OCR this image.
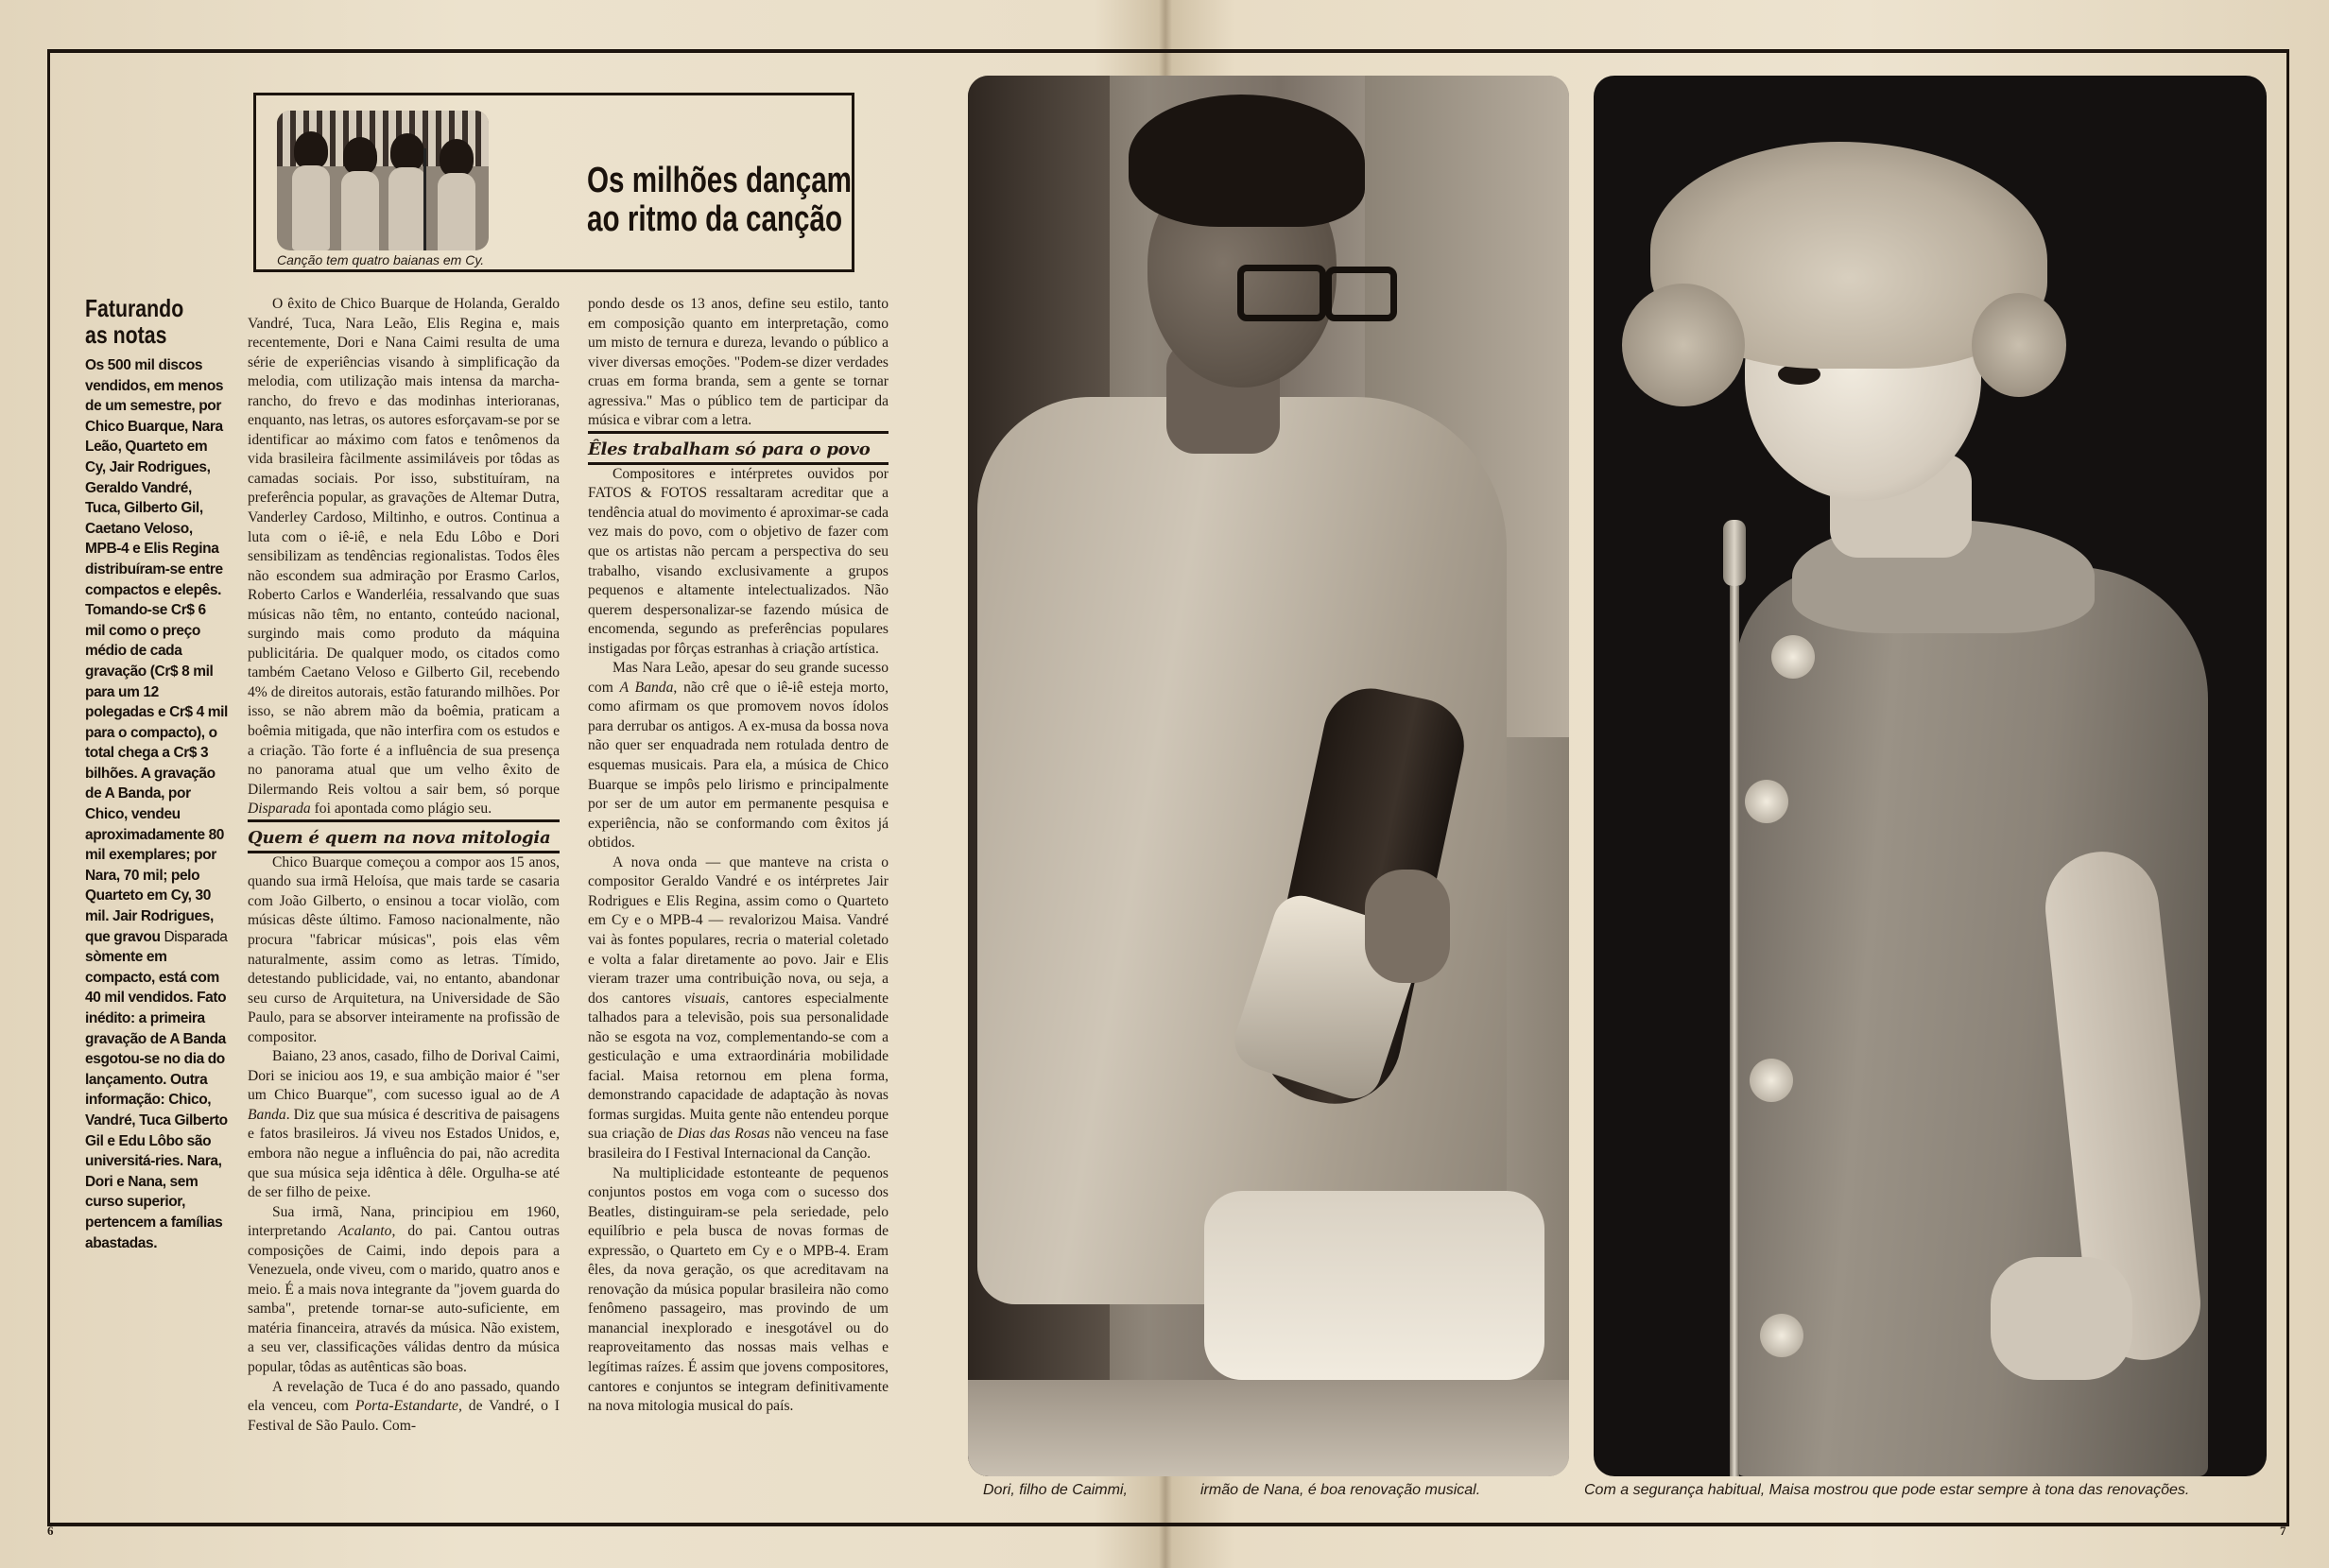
6	7
Canção tem quatro baianas em Cy.
Os milhões dançam
ao ritmo da canção
Faturando
as notas

Os 500 mil discos vendidos, em menos de um semestre, por Chico Buarque, Nara Leão, Quarteto em Cy, Jair Rodrigues, Geraldo Vandré, Tuca, Gilberto Gil, Caetano Veloso, MPB-4 e Elis Regina distribuíram-se entre compactos e elepês. Tomando-se Cr$ 6 mil como o preço médio de cada gravação (Cr$ 8 mil para um 12 polegadas e Cr$ 4 mil para o compacto), o total chega a Cr$ 3 bilhões. A gravação de A Banda, por Chico, vendeu aproximadamente 80 mil exemplares; por Nara, 70 mil; pelo Quarteto em Cy, 30 mil. Jair Rodrigues, que gravou Disparada sòmente em compacto, está com 40 mil vendidos. Fato inédito: a primeira gravação de A Banda esgotou-se no dia do lançamento. Outra informação: Chico, Vandré, Tuca Gilberto Gil e Edu Lôbo são universitá-ries. Nara, Dori e Nana, sem curso superior, pertencem a famílias abastadas.

O êxito de Chico Buarque de Holanda, Geraldo Vandré, Tuca, Nara Leão, Elis Regina e, mais recentemente, Dori e Nana Caimi resulta de uma série de experiências visando à simplificação da melodia, com utilização mais intensa da marcha-rancho, do frevo e das modinhas interioranas, enquanto, nas letras, os autores esforçavam-se por se identificar ao máximo com fatos e tenômenos da vida brasileira fàcilmente assimiláveis por tôdas as camadas sociais. Por isso, substituíram, na preferência popular, as gravações de Altemar Dutra, Vanderley Cardoso, Miltinho, e outros. Continua a luta com o iê-iê, e nela Edu Lôbo e Dori sensibilizam as tendências regionalistas. Todos êles não escondem sua admiração por Erasmo Carlos, Roberto Carlos e Wanderléia, ressalvando que suas músicas não têm, no entanto, conteúdo nacional, surgindo mais como produto da máquina publicitária. De qualquer modo, os citados como também Caetano Veloso e Gilberto Gil, recebendo 4% de direitos autorais, estão faturando milhões. Por isso, se não abrem mão da boêmia, praticam a boêmia mitigada, que não interfira com os estudos e a criação. Tão forte é a influência de sua presença no panorama atual que um velho êxito de Dilermando Reis voltou a sair bem, só porque Disparada foi apontada como plágio seu.

Quem é quem na nova mitologia

Chico Buarque começou a compor aos 15 anos, quando sua irmã Heloísa, que mais tarde se casaria com João Gilberto, o ensinou a tocar violão, com músicas dêste último. Famoso nacionalmente, não procura "fabricar músicas", pois elas vêm naturalmente, assim como as letras. Tímido, detestando publicidade, vai, no entanto, abandonar seu curso de Arquitetura, na Universidade de São Paulo, para se absorver inteiramente na profissão de compositor.

Baiano, 23 anos, casado, filho de Dorival Caimi, Dori se iniciou aos 19, e sua ambição maior é "ser um Chico Buarque", com sucesso igual ao de A Banda. Diz que sua música é descritiva de paisagens e fatos brasileiros. Já viveu nos Estados Unidos, e, embora não negue a influência do pai, não acredita que sua música seja idêntica à dêle. Orgulha-se até de ser filho de peixe.

Sua irmã, Nana, principiou em 1960, interpretando Acalanto, do pai. Cantou outras composições de Caimi, indo depois para a Venezuela, onde viveu, com o marido, quatro anos e meio. É a mais nova integrante da "jovem guarda do samba", pretende tornar-se auto-suficiente, em matéria financeira, através da música. Não existem, a seu ver, classificações válidas dentro da música popular, tôdas as autênticas são boas.

A revelação de Tuca é do ano passado, quando ela venceu, com Porta-Estandarte, de Vandré, o I Festival de São Paulo. Com-

pondo desde os 13 anos, define seu estilo, tanto em composição quanto em interpretação, como um misto de ternura e dureza, levando o público a viver diversas emoções. "Podem-se dizer verdades cruas em forma branda, sem a gente se tornar agressiva." Mas o público tem de participar da música e vibrar com a letra.

Êles trabalham só para o povo

Compositores e intérpretes ouvidos por FATOS & FOTOS ressaltaram acreditar que a tendência atual do movimento é aproximar-se cada vez mais do povo, com o objetivo de fazer com que os artistas não percam a perspectiva do seu trabalho, visando exclusivamente a grupos pequenos e altamente intelectualizados. Não querem despersonalizar-se fazendo música de encomenda, segundo as preferências populares instigadas por fôrças estranhas à criação artística.

Mas Nara Leão, apesar do seu grande sucesso com A Banda, não crê que o iê-iê esteja morto, como afirmam os que promovem novos ídolos para derrubar os antigos. A ex-musa da bossa nova não quer ser enquadrada nem rotulada dentro de esquemas musicais. Para ela, a música de Chico Buarque se impôs pelo lirismo e principalmente por ser de um autor em permanente pesquisa e experiência, não se conformando com êxitos já obtidos.

A nova onda — que manteve na crista o compositor Geraldo Vandré e os intérpretes Jair Rodrigues e Elis Regina, assim como o Quarteto em Cy e o MPB-4 — revalorizou Maisa. Vandré vai às fontes populares, recria o material coletado e volta a falar diretamente ao povo. Jair e Elis vieram trazer uma contribuição nova, ou seja, a dos cantores visuais, cantores especialmente talhados para a televisão, pois sua personalidade não se esgota na voz, complementando-se com a gesticulação e uma extraordinária mobilidade facial. Maisa retornou em plena forma, demonstrando capacidade de adaptação às novas formas surgidas. Muita gente não entendeu porque sua criação de Dias das Rosas não venceu na fase brasileira do I Festival Internacional da Canção.

Na multiplicidade estonteante de pequenos conjuntos postos em voga com o sucesso dos Beatles, distinguiram-se pela seriedade, pelo equilíbrio e pela busca de novas formas de expressão, o Quarteto em Cy e o MPB-4. Eram êles, da nova geração, os que acreditavam na renovação da música popular brasileira não como fenômeno passageiro, mas provindo de um manancial inexplorado e inesgotável ou do reaproveitamento das nossas mais velhas e legítimas raízes. É assim que jovens compositores, cantores e conjuntos se integram definitivamente na nova mitologia musical do país.

Dori, filho de Caimmi,	irmão de Nana, é boa renovação musical.	Com a segurança habitual, Maisa mostrou que pode estar sempre à tona das renovações.
